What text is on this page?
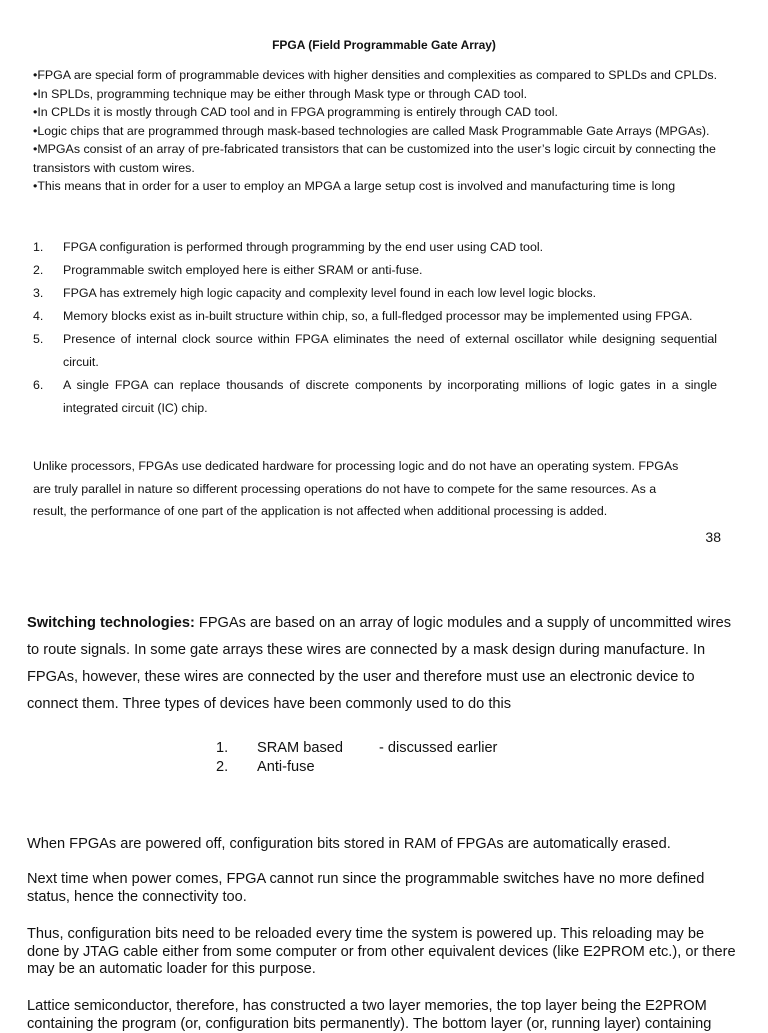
FPGA (Field Programmable Gate Array)

•FPGA are special form of programmable devices with higher densities and complexities as compared to SPLDs and CPLDs.

•In SPLDs, programming technique may be either through Mask type or through CAD tool.

•In CPLDs it is mostly through CAD tool and in FPGA programming is entirely through CAD tool.

•Logic chips that are programmed through mask-based technologies are called Mask Programmable Gate Arrays (MPGAs).

•MPGAs consist of an array of pre-fabricated transistors that can be customized into the user’s logic circuit by connecting the transistors with custom wires.

•This means that in order for a user to employ an MPGA a large setup cost is involved and manufacturing time is long

1.	FPGA configuration is performed through programming by the end user using CAD tool.
2.	Programmable switch employed here is either SRAM or anti-fuse.
3.	FPGA has extremely high logic capacity and complexity level found in each low level logic blocks.
4.	Memory blocks exist as in-built structure within chip, so, a full-fledged processor may be implemented using FPGA.
5.	Presence of internal clock source within FPGA eliminates the need of external oscillator while designing sequential circuit.
6.	A single FPGA can replace thousands of discrete components by incorporating millions of logic gates in a single integrated circuit (IC) chip.
Unlike processors, FPGAs use dedicated hardware for processing logic and do not have an operating system. FPGAs
are truly parallel in nature so different processing operations do not have to compete for the same resources. As a
result, the performance of one part of the application is not affected when additional processing is added.
38
Switching technologies: FPGAs are based on an array of logic modules and a supply of uncommitted wires to route signals. In some gate arrays these wires are connected by a mask design during manufacture. In FPGAs, however, these wires are connected by the user and therefore must use an electronic device to connect them. Three types of devices have been commonly used to do this
1.	SRAM based	- discussed earlier
2.	Anti-fuse

When FPGAs are powered off, configuration bits stored in RAM of FPGAs are automatically erased.

Next time when power comes, FPGA cannot run since the programmable switches have no more defined status, hence the connectivity too.

Thus, configuration bits need to be reloaded every time the system is powered up. This reloading may be done by JTAG cable either from some computer or from other equivalent devices (like E2PROM etc.), or there may be an automatic loader for this purpose.

Lattice semiconductor, therefore, has constructed a two layer memories, the top layer being the E2PROM containing the program (or, configuration bits permanently). The bottom layer (or, running layer) containing
